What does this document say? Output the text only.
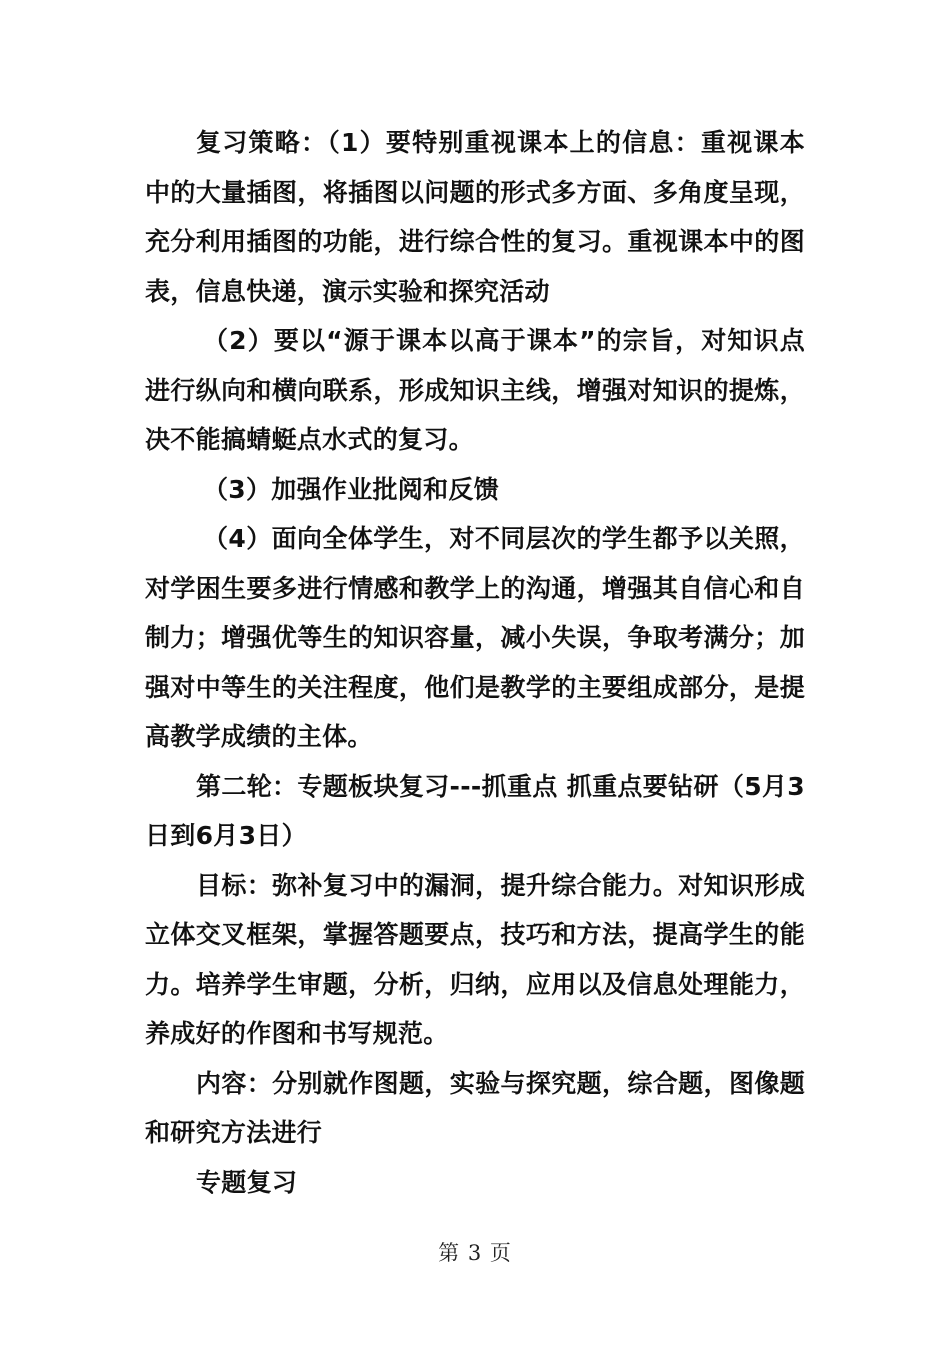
复习策略：（1）要特别重视课本上的信息：重视课本中的大量插图，将插图以问题的形式多方面、多角度呈现，充分利用插图的功能，进行综合性的复习。重视课本中的图表，信息快递，演示实验和探究活动

（2）要以“源于课本以高于课本”的宗旨，对知识点进行纵向和横向联系，形成知识主线，增强对知识的提炼，决不能搞蜻蜓点水式的复习。

（3）加强作业批阅和反馈

（4）面向全体学生，对不同层次的学生都予以关照，对学困生要多进行情感和教学上的沟通，增强其自信心和自制力；增强优等生的知识容量，减小失误，争取考满分；加强对中等生的关注程度，他们是教学的主要组成部分，是提高教学成绩的主体。

第二轮：专题板块复习---抓重点 抓重点要钻研（5月3日到6月3日）

目标：弥补复习中的漏洞，提升综合能力。对知识形成立体交叉框架，掌握答题要点，技巧和方法，提高学生的能力。培养学生审题，分析，归纳，应用以及信息处理能力，养成好的作图和书写规范。

内容：分别就作图题，实验与探究题，综合题，图像题和研究方法进行

专题复习

第 3 页
